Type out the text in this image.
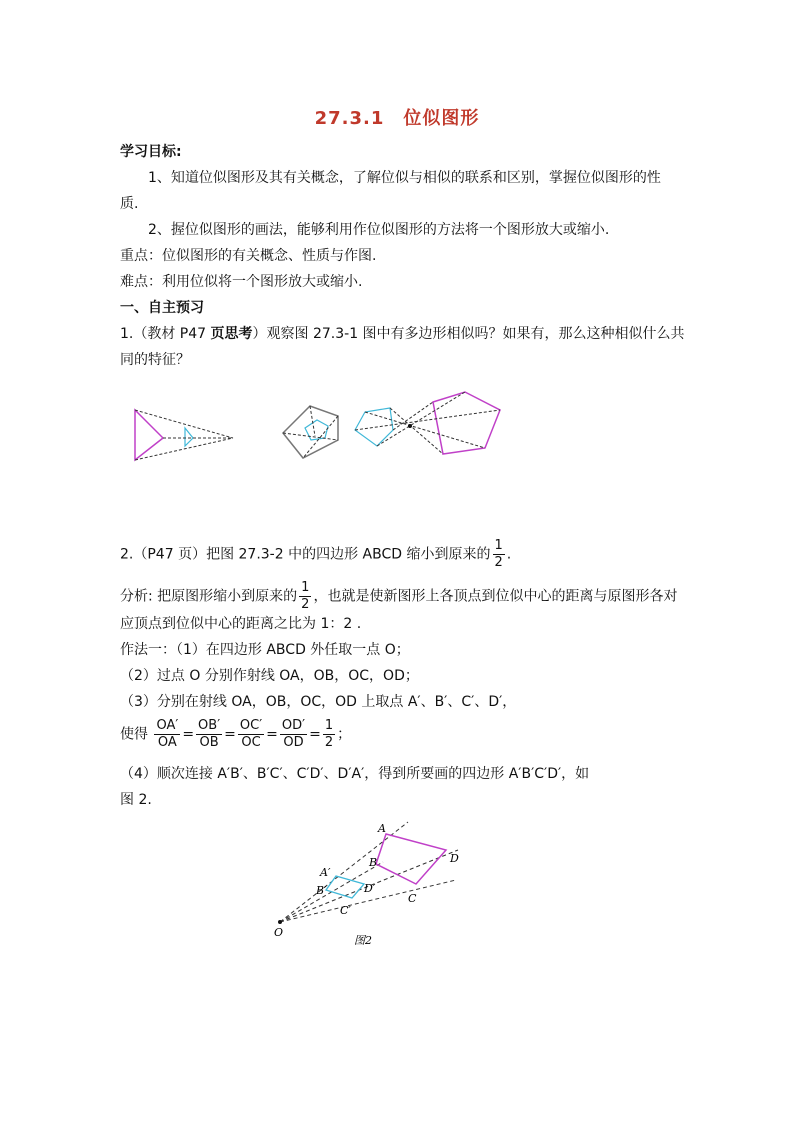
27.3.1　位似图形
学习目标:
1、知道位似图形及其有关概念，了解位似与相似的联系和区别，掌握位似图形的性
质.
2、握位似图形的画法，能够利用作位似图形的方法将一个图形放大或缩小.
重点：位似图形的有关概念、性质与作图.
难点：利用位似将一个图形放大或缩小.
一、自主预习
1.（教材 P47 页思考）观察图 27.3-1 图中有多边形相似吗？如果有，那么这种相似什么共
同的特征？
2.（P47 页）把图 27.3-2 中的四边形 ABCD 缩小到原来的 $\frac{1}{2}$ .
分析: 把原图形缩小到原来的 $\frac{1}{2}$ ，也就是使新图形上各顶点到位似中心的距离与原图形各对
应顶点到位似中心的距离之比为 1：2 .
作法一：（1）在四边形 ABCD 外任取一点 O；
（2）过点 O 分别作射线 OA，OB，OC，OD；
（3）分别在射线 OA，OB，OC，OD 上取点 A′、B′、C′、D′，
使得 $\frac{OA'}{OA} = \frac{OB'}{OB} = \frac{OC'}{OC} = \frac{OD'}{OD} = \frac{1}{2}$ ；
（4）顺次连接 A′B′、B′C′、C′D′、D′A′，得到所要画的四边形 A′B′C′D′，如
图 2.
A
B
C
D
A′
B′
C′
D′
O
图2
